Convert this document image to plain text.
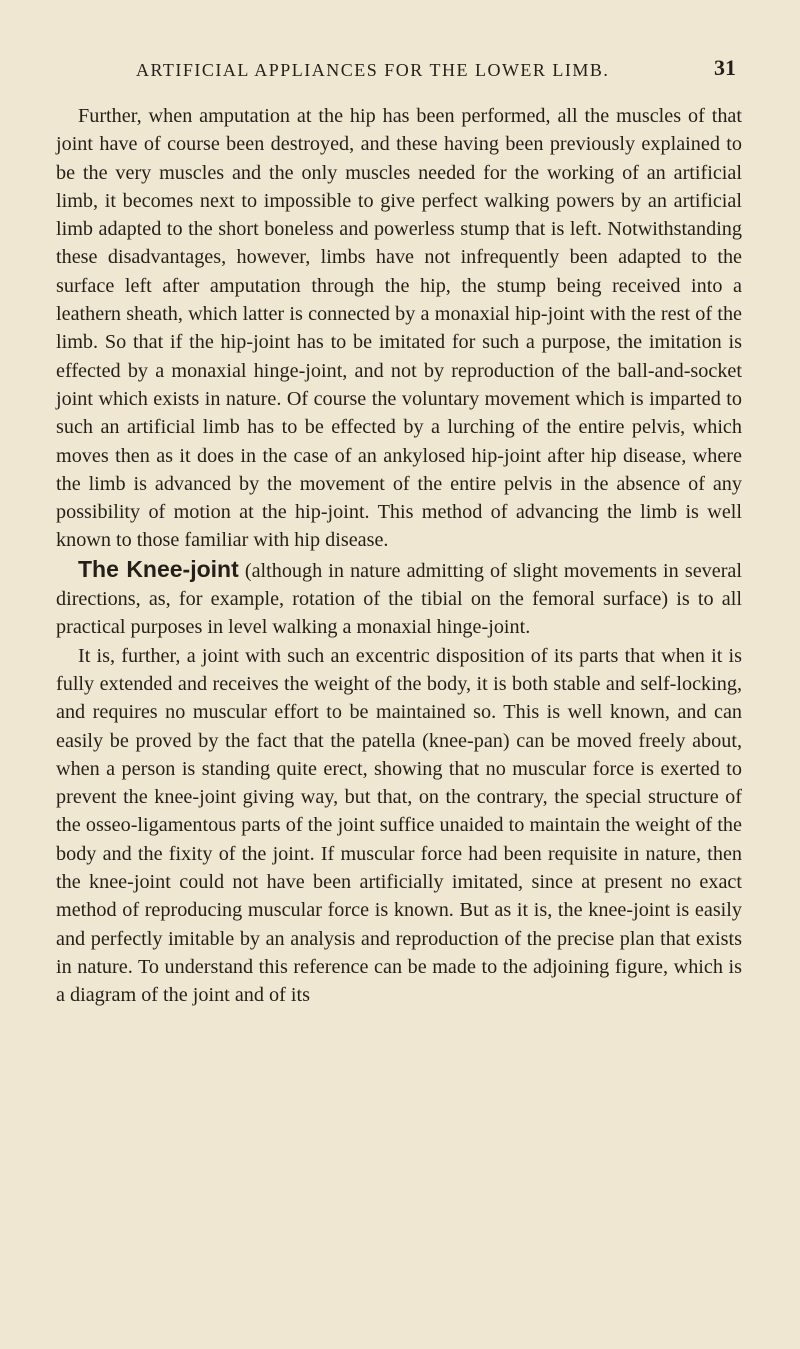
ARTIFICIAL APPLIANCES FOR THE LOWER LIMB.	31

Further, when amputation at the hip has been performed, all the muscles of that joint have of course been destroyed, and these having been previously explained to be the very muscles and the only muscles needed for the working of an artificial limb, it becomes next to impossible to give perfect walking powers by an artificial limb adapted to the short boneless and powerless stump that is left. Notwithstanding these disadvantages, however, limbs have not infrequently been adapted to the surface left after amputation through the hip, the stump being received into a leathern sheath, which latter is connected by a monaxial hip-joint with the rest of the limb. So that if the hip-joint has to be imitated for such a purpose, the imitation is effected by a monaxial hinge-joint, and not by reproduction of the ball-and-socket joint which exists in nature. Of course the voluntary movement which is imparted to such an artificial limb has to be effected by a lurching of the entire pelvis, which moves then as it does in the case of an ankylosed hip-joint after hip disease, where the limb is advanced by the movement of the entire pelvis in the absence of any possibility of motion at the hip-joint. This method of advancing the limb is well known to those familiar with hip disease.

The Knee-joint (although in nature admitting of slight movements in several directions, as, for example, rotation of the tibial on the femoral surface) is to all practical purposes in level walking a monaxial hinge-joint.

It is, further, a joint with such an excentric disposition of its parts that when it is fully extended and receives the weight of the body, it is both stable and self-locking, and requires no muscular effort to be maintained so. This is well known, and can easily be proved by the fact that the patella (knee-pan) can be moved freely about, when a person is standing quite erect, showing that no muscular force is exerted to prevent the knee-joint giving way, but that, on the contrary, the special structure of the osseo-ligamentous parts of the joint suffice unaided to maintain the weight of the body and the fixity of the joint. If muscular force had been requisite in nature, then the knee-joint could not have been artificially imitated, since at present no exact method of reproducing muscular force is known. But as it is, the knee-joint is easily and perfectly imitable by an analysis and reproduction of the precise plan that exists in nature. To understand this reference can be made to the adjoining figure, which is a diagram of the joint and of its
